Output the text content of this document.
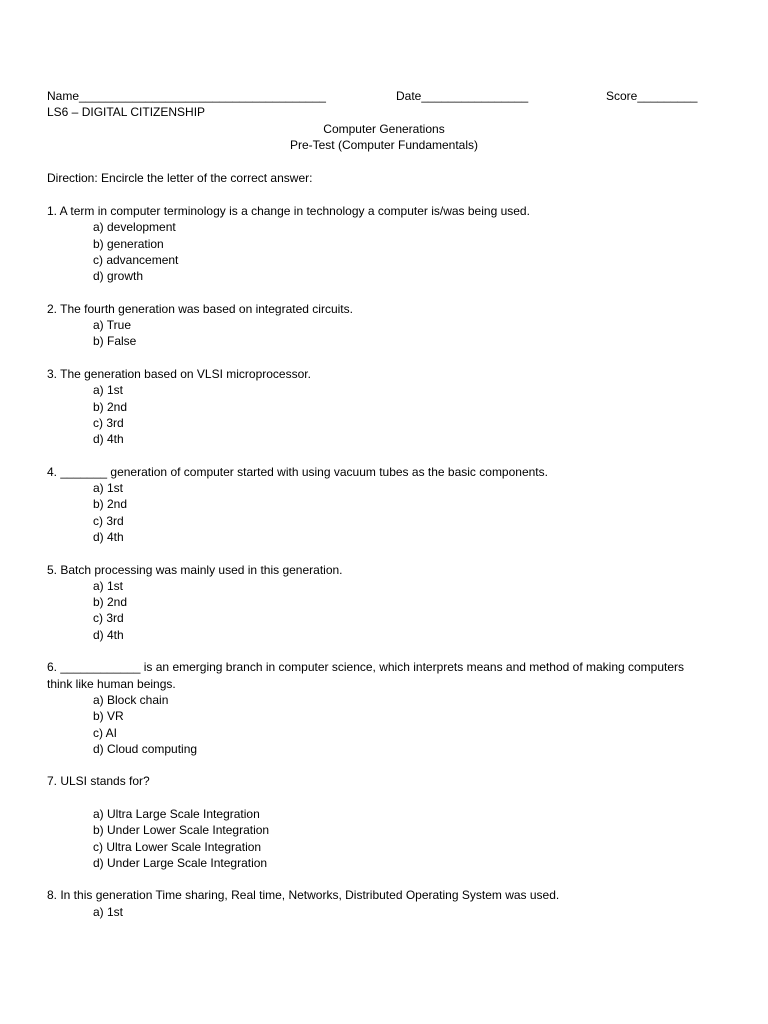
Name_____________________________________	Date________________	Score_________
LS6 – DIGITAL CITIZENSHIP
Computer Generations
Pre-Test (Computer Fundamentals)
Direction: Encircle the letter of the correct answer:
1. A term in computer terminology is a change in technology a computer is/was being used.
a) development
b) generation
c) advancement
d) growth
2. The fourth generation was based on integrated circuits.
a) True
b) False
3. The generation based on VLSI microprocessor.
a) 1st
b) 2nd
c) 3rd
d) 4th
4. _______ generation of computer started with using vacuum tubes as the basic components.
a) 1st
b) 2nd
c) 3rd
d) 4th
5. Batch processing was mainly used in this generation.
a) 1st
b) 2nd
c) 3rd
d) 4th
6. ____________ is an emerging branch in computer science, which interprets means and method of making computers think like human beings.
a) Block chain
b) VR
c) AI
d) Cloud computing
7. ULSI stands for?
a) Ultra Large Scale Integration
b) Under Lower Scale Integration
c) Ultra Lower Scale Integration
d) Under Large Scale Integration
8. In this generation Time sharing, Real time, Networks, Distributed Operating System was used.
a) 1st
